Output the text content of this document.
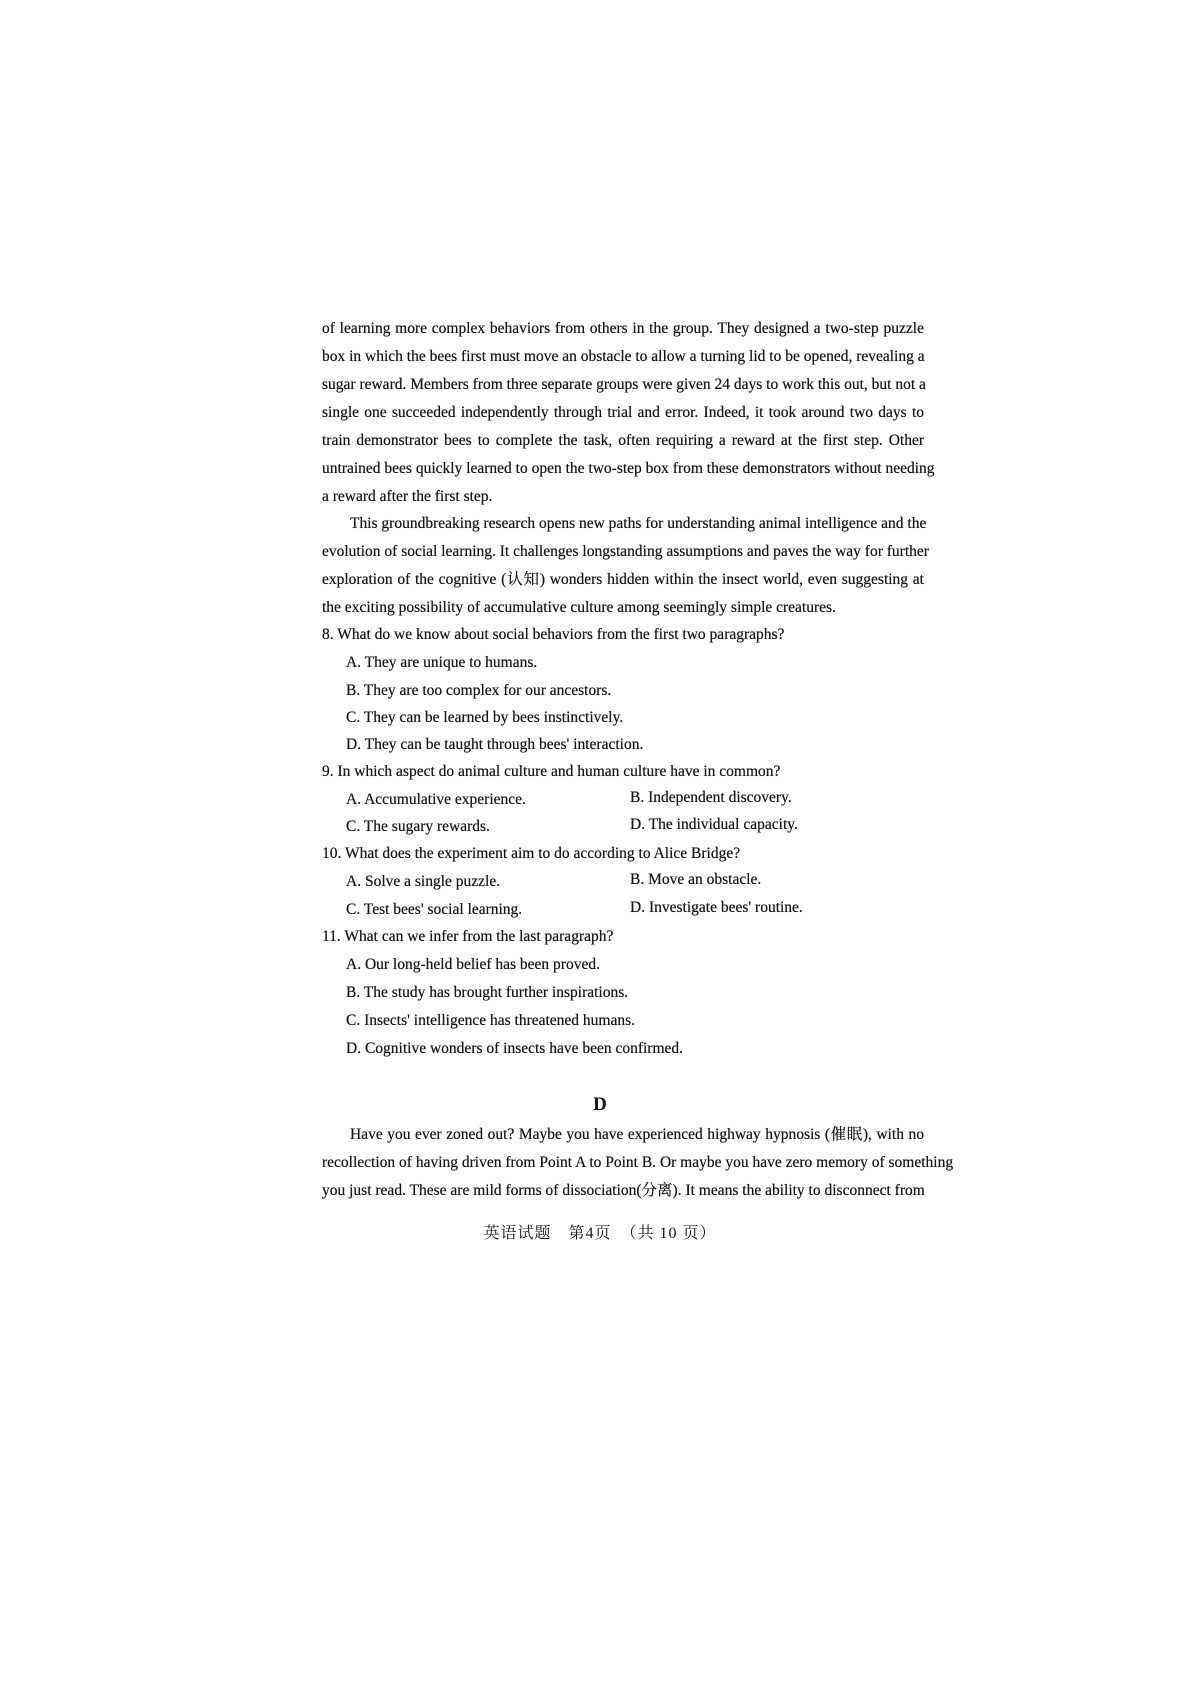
of learning more complex behaviors from others in the group. They designed a two-step puzzle

box in which the bees first must move an obstacle to allow a turning lid to be opened, revealing a

sugar reward. Members from three separate groups were given 24 days to work this out, but not a

single one succeeded independently through trial and error. Indeed, it took around two days to

train demonstrator bees to complete the task, often requiring a reward at the first step. Other

untrained bees quickly learned to open the two-step box from these demonstrators without needing

a reward after the first step.

This groundbreaking research opens new paths for understanding animal intelligence and the

evolution of social learning. It challenges longstanding assumptions and paves the way for further

exploration of the cognitive (认知) wonders hidden within the insect world, even suggesting at

the exciting possibility of accumulative culture among seemingly simple creatures.

8. What do we know about social behaviors from the first two paragraphs?

A. They are unique to humans.

B. They are too complex for our ancestors.

C. They can be learned by bees instinctively.

D. They can be taught through bees' interaction.

9. In which aspect do animal culture and human culture have in common?

A. Accumulative experience.	B. Independent discovery.

C. The sugary rewards.	D. The individual capacity.

10. What does the experiment aim to do according to Alice Bridge?

A. Solve a single puzzle.	B. Move an obstacle.

C. Test bees' social learning.	D. Investigate bees' routine.

11. What can we infer from the last paragraph?

A. Our long-held belief has been proved.

B. The study has brought further inspirations.

C. Insects' intelligence has threatened humans.

D. Cognitive wonders of insects have been confirmed.

D

Have you ever zoned out? Maybe you have experienced highway hypnosis (催眠), with no

recollection of having driven from Point A to Point B. Or maybe you have zero memory of something

you just read. These are mild forms of dissociation(分离). It means the ability to disconnect from

英语试题　第4页　（共 10 页）
